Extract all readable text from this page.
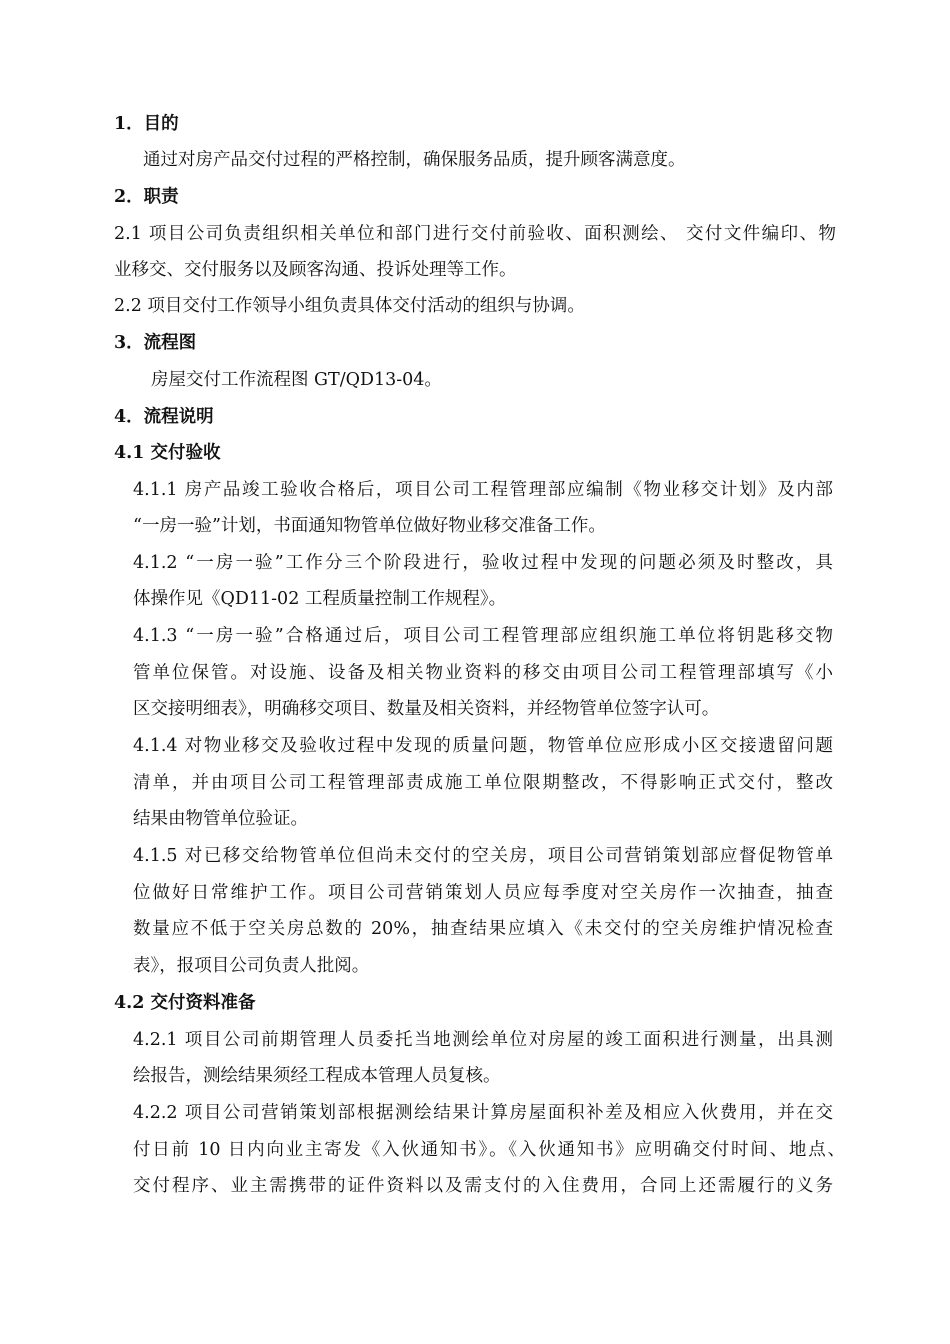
1．目的
通过对房产品交付过程的严格控制，确保服务品质，提升顾客满意度。
2．职责
2.1 项目公司负责组织相关单位和部门进行交付前验收、面积测绘、 交付文件编印、物
业移交、交付服务以及顾客沟通、投诉处理等工作。
2.2 项目交付工作领导小组负责具体交付活动的组织与协调。
3．流程图
房屋交付工作流程图 GT/QD13-04。
4．流程说明
4.1 交付验收
4.1.1 房产品竣工验收合格后，项目公司工程管理部应编制《物业移交计划》及内部
“一房一验”计划，书面通知物管单位做好物业移交准备工作。
4.1.2 “一房一验”工作分三个阶段进行，验收过程中发现的问题必须及时整改，具
体操作见《QD11-02 工程质量控制工作规程》。
4.1.3 “一房一验”合格通过后，项目公司工程管理部应组织施工单位将钥匙移交物
管单位保管。对设施、设备及相关物业资料的移交由项目公司工程管理部填写《小
区交接明细表》，明确移交项目、数量及相关资料，并经物管单位签字认可。
4.1.4 对物业移交及验收过程中发现的质量问题，物管单位应形成小区交接遗留问题
清单，并由项目公司工程管理部责成施工单位限期整改，不得影响正式交付，整改
结果由物管单位验证。
4.1.5 对已移交给物管单位但尚未交付的空关房，项目公司营销策划部应督促物管单
位做好日常维护工作。项目公司营销策划人员应每季度对空关房作一次抽查，抽查
数量应不低于空关房总数的 20%，抽查结果应填入《未交付的空关房维护情况检查
表》，报项目公司负责人批阅。
4.2 交付资料准备
4.2.1 项目公司前期管理人员委托当地测绘单位对房屋的竣工面积进行测量，出具测
绘报告，测绘结果须经工程成本管理人员复核。
4.2.2 项目公司营销策划部根据测绘结果计算房屋面积补差及相应入伙费用，并在交
付日前 10 日内向业主寄发《入伙通知书》。《入伙通知书》应明确交付时间、地点、
交付程序、业主需携带的证件资料以及需支付的入住费用，合同上还需履行的义务
